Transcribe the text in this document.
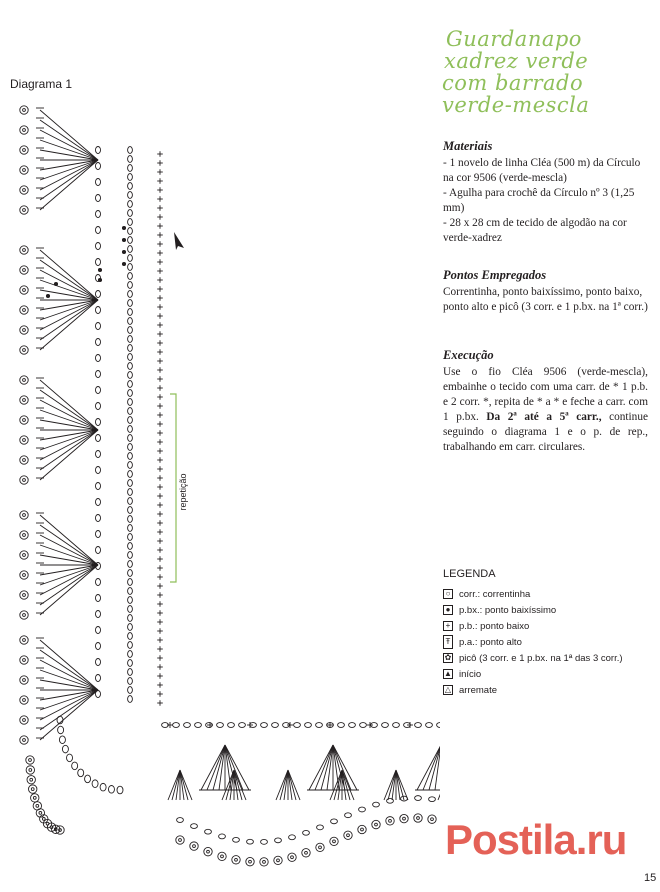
Diagrama 1
repetição
Guardanapo
xadrez verde
com barrado
verde-mescla
Materiais

- 1 novelo de linha Cléa (500 m) da Círculo na cor 9506 (verde-mescla)

- Agulha para crochê da Círculo nº 3 (1,25 mm)

- 28 x 28 cm de tecido de algodão na cor verde-xadrez

Pontos Empregados

Correntinha, ponto baixíssimo, ponto baixo, ponto alto e picô (3 corr. e 1 p.bx. na 1ª corr.)

Execução

Use o fio Cléa 9506 (verde-mescla), embainhe o tecido com uma carr. de * 1 p.b. e 2 corr. *, repita de * a * e feche a carr. com 1 p.bx. Da 2ª até a 5ª carr., continue seguindo o diagrama 1 e o p. de rep., trabalhando em carr. circulares.

LEGENDA
○ corr.: correntinha
● p.bx.: ponto baixíssimo
+ p.b.: ponto baixo
Ŧ p.a.: ponto alto
✿ picô (3 corr. e 1 p.bx. na 1ª das 3 corr.)
▲ início
△ arremate
Postila.ru
15
